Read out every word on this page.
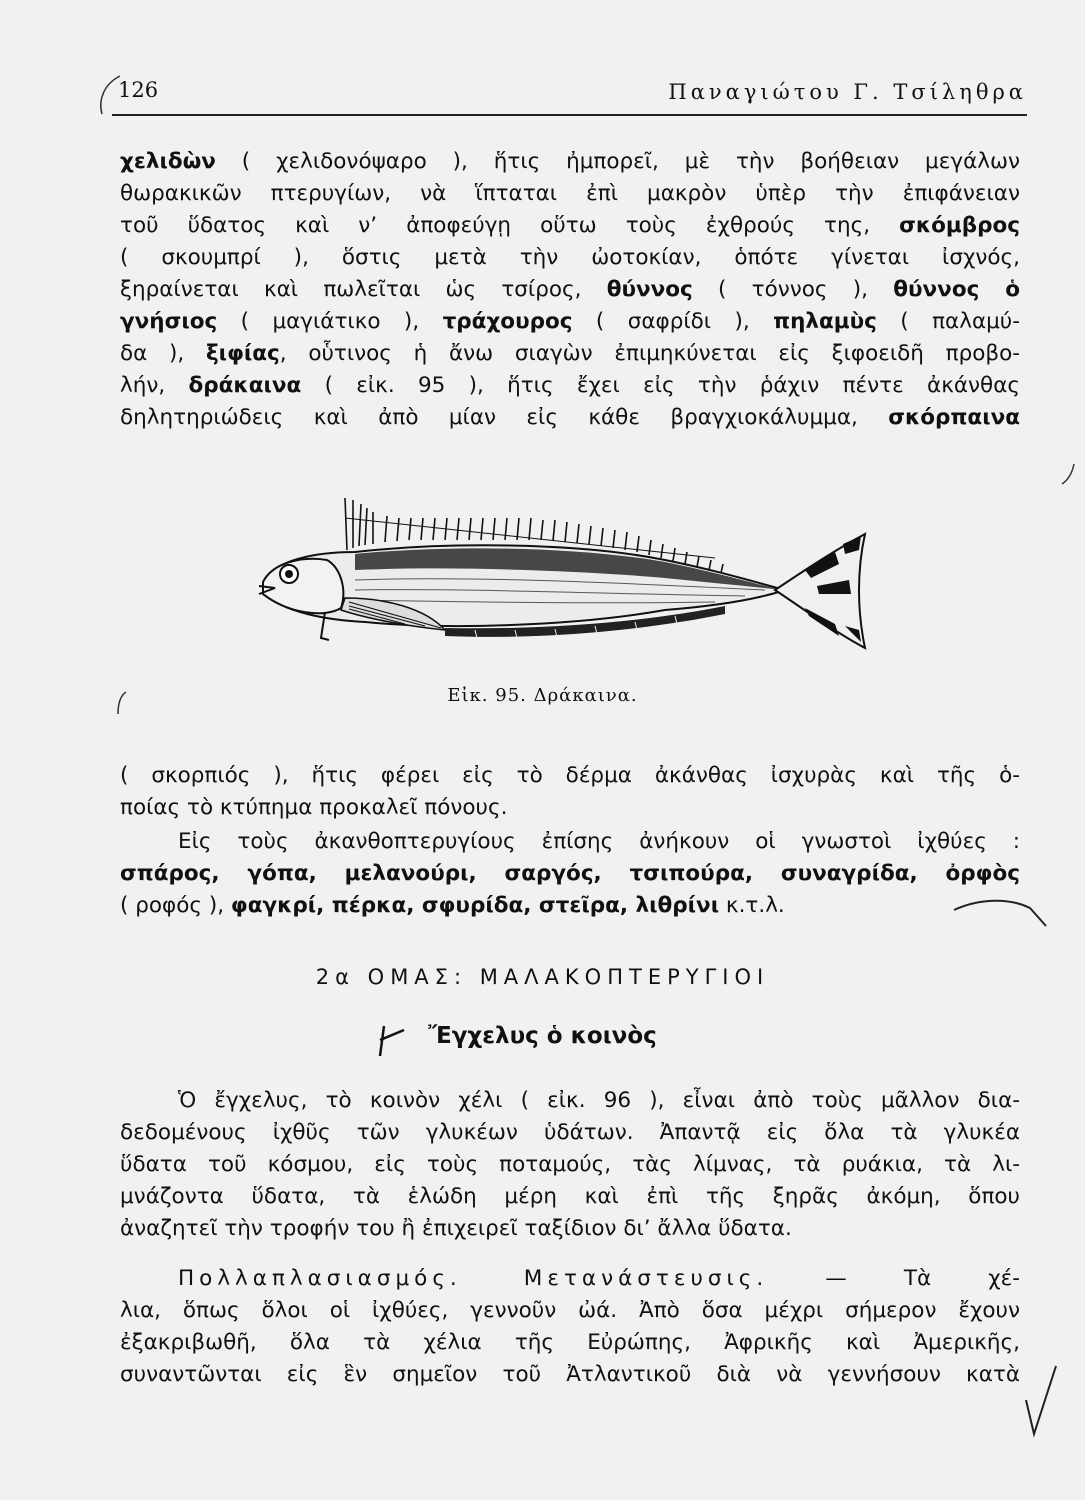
126	Παναγιώτου Γ. Τσίληθρα
χελιδὼν ( χελιδονόψαρο ), ἥτις ἠμπορεῖ, μὲ τὴν βοήθειαν μεγάλων
θωρακικῶν πτερυγίων, νὰ ἵπταται ἐπὶ μακρὸν ὑπὲρ τὴν ἐπιφάνειαν
τοῦ ὕδατος καὶ ν’ ἀποφεύγῃ οὕτω τοὺς ἐχθρούς της, σκόμβρος
( σκουμπρί ), ὅστις μετὰ τὴν ὠοτοκίαν, ὁπότε γίνεται ἰσχνός,
ξηραίνεται καὶ πωλεῖται ὡς τσίρος, θύννος ( τόννος ), θύννος ὁ
γνήσιος ( μαγιάτικο ), τράχουρος ( σαφρίδι ), πηλαμὺς ( παλαμύ-
δα ), ξιφίας, οὗτινος ἡ ἄνω σιαγὼν ἐπιμηκύνεται εἰς ξιφοειδῆ προβο-
λήν, δράκαινα ( εἰκ. 95 ), ἥτις ἔχει εἰς τὴν ῥάχιν πέντε ἀκάνθας
δηλητηριώδεις καὶ ἀπὸ μίαν εἰς κάθε βραγχιοκάλυμμα, σκόρπαινα
Εἰκ. 95. Δράκαινα.
( σκορπιός ), ἥτις φέρει εἰς τὸ δέρμα ἀκάνθας ἰσχυρὰς καὶ τῆς ὁ-
ποίας τὸ κτύπημα προκαλεῖ πόνους.
Εἰς τοὺς ἀκανθοπτερυγίους ἐπίσης ἀνήκουν οἱ γνωστοὶ ἰχθύες :
σπάρος, γόπα, μελανούρι, σαργός, τσιπούρα, συναγρίδα, ὀρφὸς
( ροφός ), φαγκρί, πέρκα, σφυρίδα, στεῖρα, λιθρίνι κ.τ.λ.
2α ΟΜΑΣ: ΜΑΛΑΚΟΠΤΕΡΥΓΙΟΙ
Ἔγχελυς ὁ κοινὸς
Ὁ ἔγχελυς, τὸ κοινὸν χέλι ( εἰκ. 96 ), εἶναι ἀπὸ τοὺς μᾶλλον δια-
δεδομένους ἰχθῦς τῶν γλυκέων ὑδάτων. Ἀπαντᾷ εἰς ὅλα τὰ γλυκέα
ὕδατα τοῦ κόσμου, εἰς τοὺς ποταμούς, τὰς λίμνας, τὰ ρυάκια, τὰ λι-
μνάζοντα ὕδατα, τὰ ἑλώδη μέρη καὶ ἐπὶ τῆς ξηρᾶς ἀκόμη, ὅπου
ἀναζητεῖ τὴν τροφήν του ἢ ἐπιχειρεῖ ταξίδιον δι’ ἄλλα ὕδατα.
Πολλαπλασιασμός. Μετανάστευσις. — Τὰ χέ-
λια, ὅπως ὅλοι οἱ ἰχθύες, γεννοῦν ὠά. Ἀπὸ ὅσα μέχρι σήμερον ἔχουν
ἐξακριβωθῆ, ὅλα τὰ χέλια τῆς Εὐρώπης, Ἀφρικῆς καὶ Ἀμερικῆς,
συναντῶνται εἰς ἓν σημεῖον τοῦ Ἀτλαντικοῦ διὰ νὰ γεννήσουν κατὰ
